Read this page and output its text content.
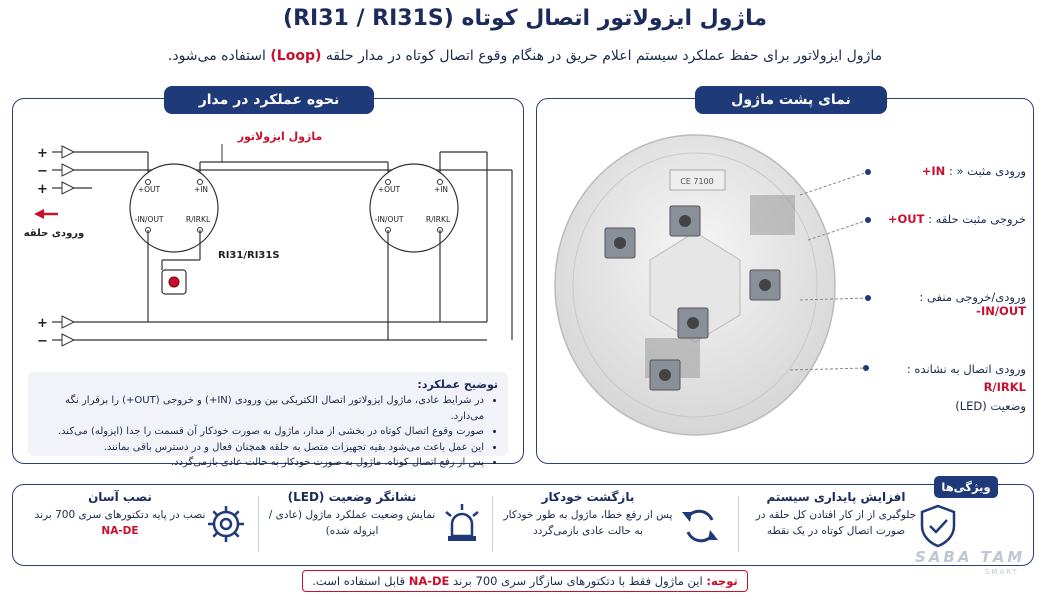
ماژول ایزولاتور اتصال کوتاه (RI31 / RI31S)
ماژول ایزولاتور برای حفظ عملکرد سیستم اعلام حریق در هنگام وقوع اتصال کوتاه در مدار حلقه (Loop) استفاده می‌شود.
نحوه عملکرد در مدار
ماژول ایزولاتور
+OUT	+IN
-IN/OUT	R/IRKL
RI31/RI31S
+OUT	+IN
-IN/OUT	R/IRKL
+
−
+
+
−
ورودی حلقه
توضیح عملکرد:
• در شرایط عادی، ماژول ایزولاتور اتصال الکتریکی بین ورودی (IN+) و خروجی (OUT+) را برقرار نگه می‌دارد.
• صورت وقوع اتصال کوتاه در بخشی از مدار، ماژول به صورت خودکار آن قسمت را جدا (ایزوله) می‌کند.
• این عمل باعث می‌شود بقیه تجهیزات متصل به حلقه همچنان فعال و در دسترس باقی بمانند.
• پس از رفع اتصال کوتاه، ماژول به صورت خودکار به حالت عادی بازمی‌گردد.
نمای پشت ماژول
CE 7100
ورودی مثبت « : IN+
خروجی مثبت حلقه : OUT+
ورودی/خروجی منفی : IN/OUT-
ورودی اتصال به نشانده : R/IRKL
وضعیت (LED)
ویژگی‌ها
افزایش پایداری سیستم
جلوگیری از از کار افتادن کل حلقه در صورت اتصال کوتاه در یک نقطه
بازگشت خودکار
پس از رفع خطا، ماژول به طور خودکار به حالت عادی بازمی‌گردد
نشانگر وضعیت (LED)
نمایش وضعیت عملکرد ماژول (عادی / ایزوله شده)
نصب آسان
نصب در پایه دتکتورهای سری 700 برند NA-DE
توجه: این ماژول فقط با دتکتورهای سازگار سری 700 برند NA-DE قابل استفاده است.
SABA TAM
SMART
